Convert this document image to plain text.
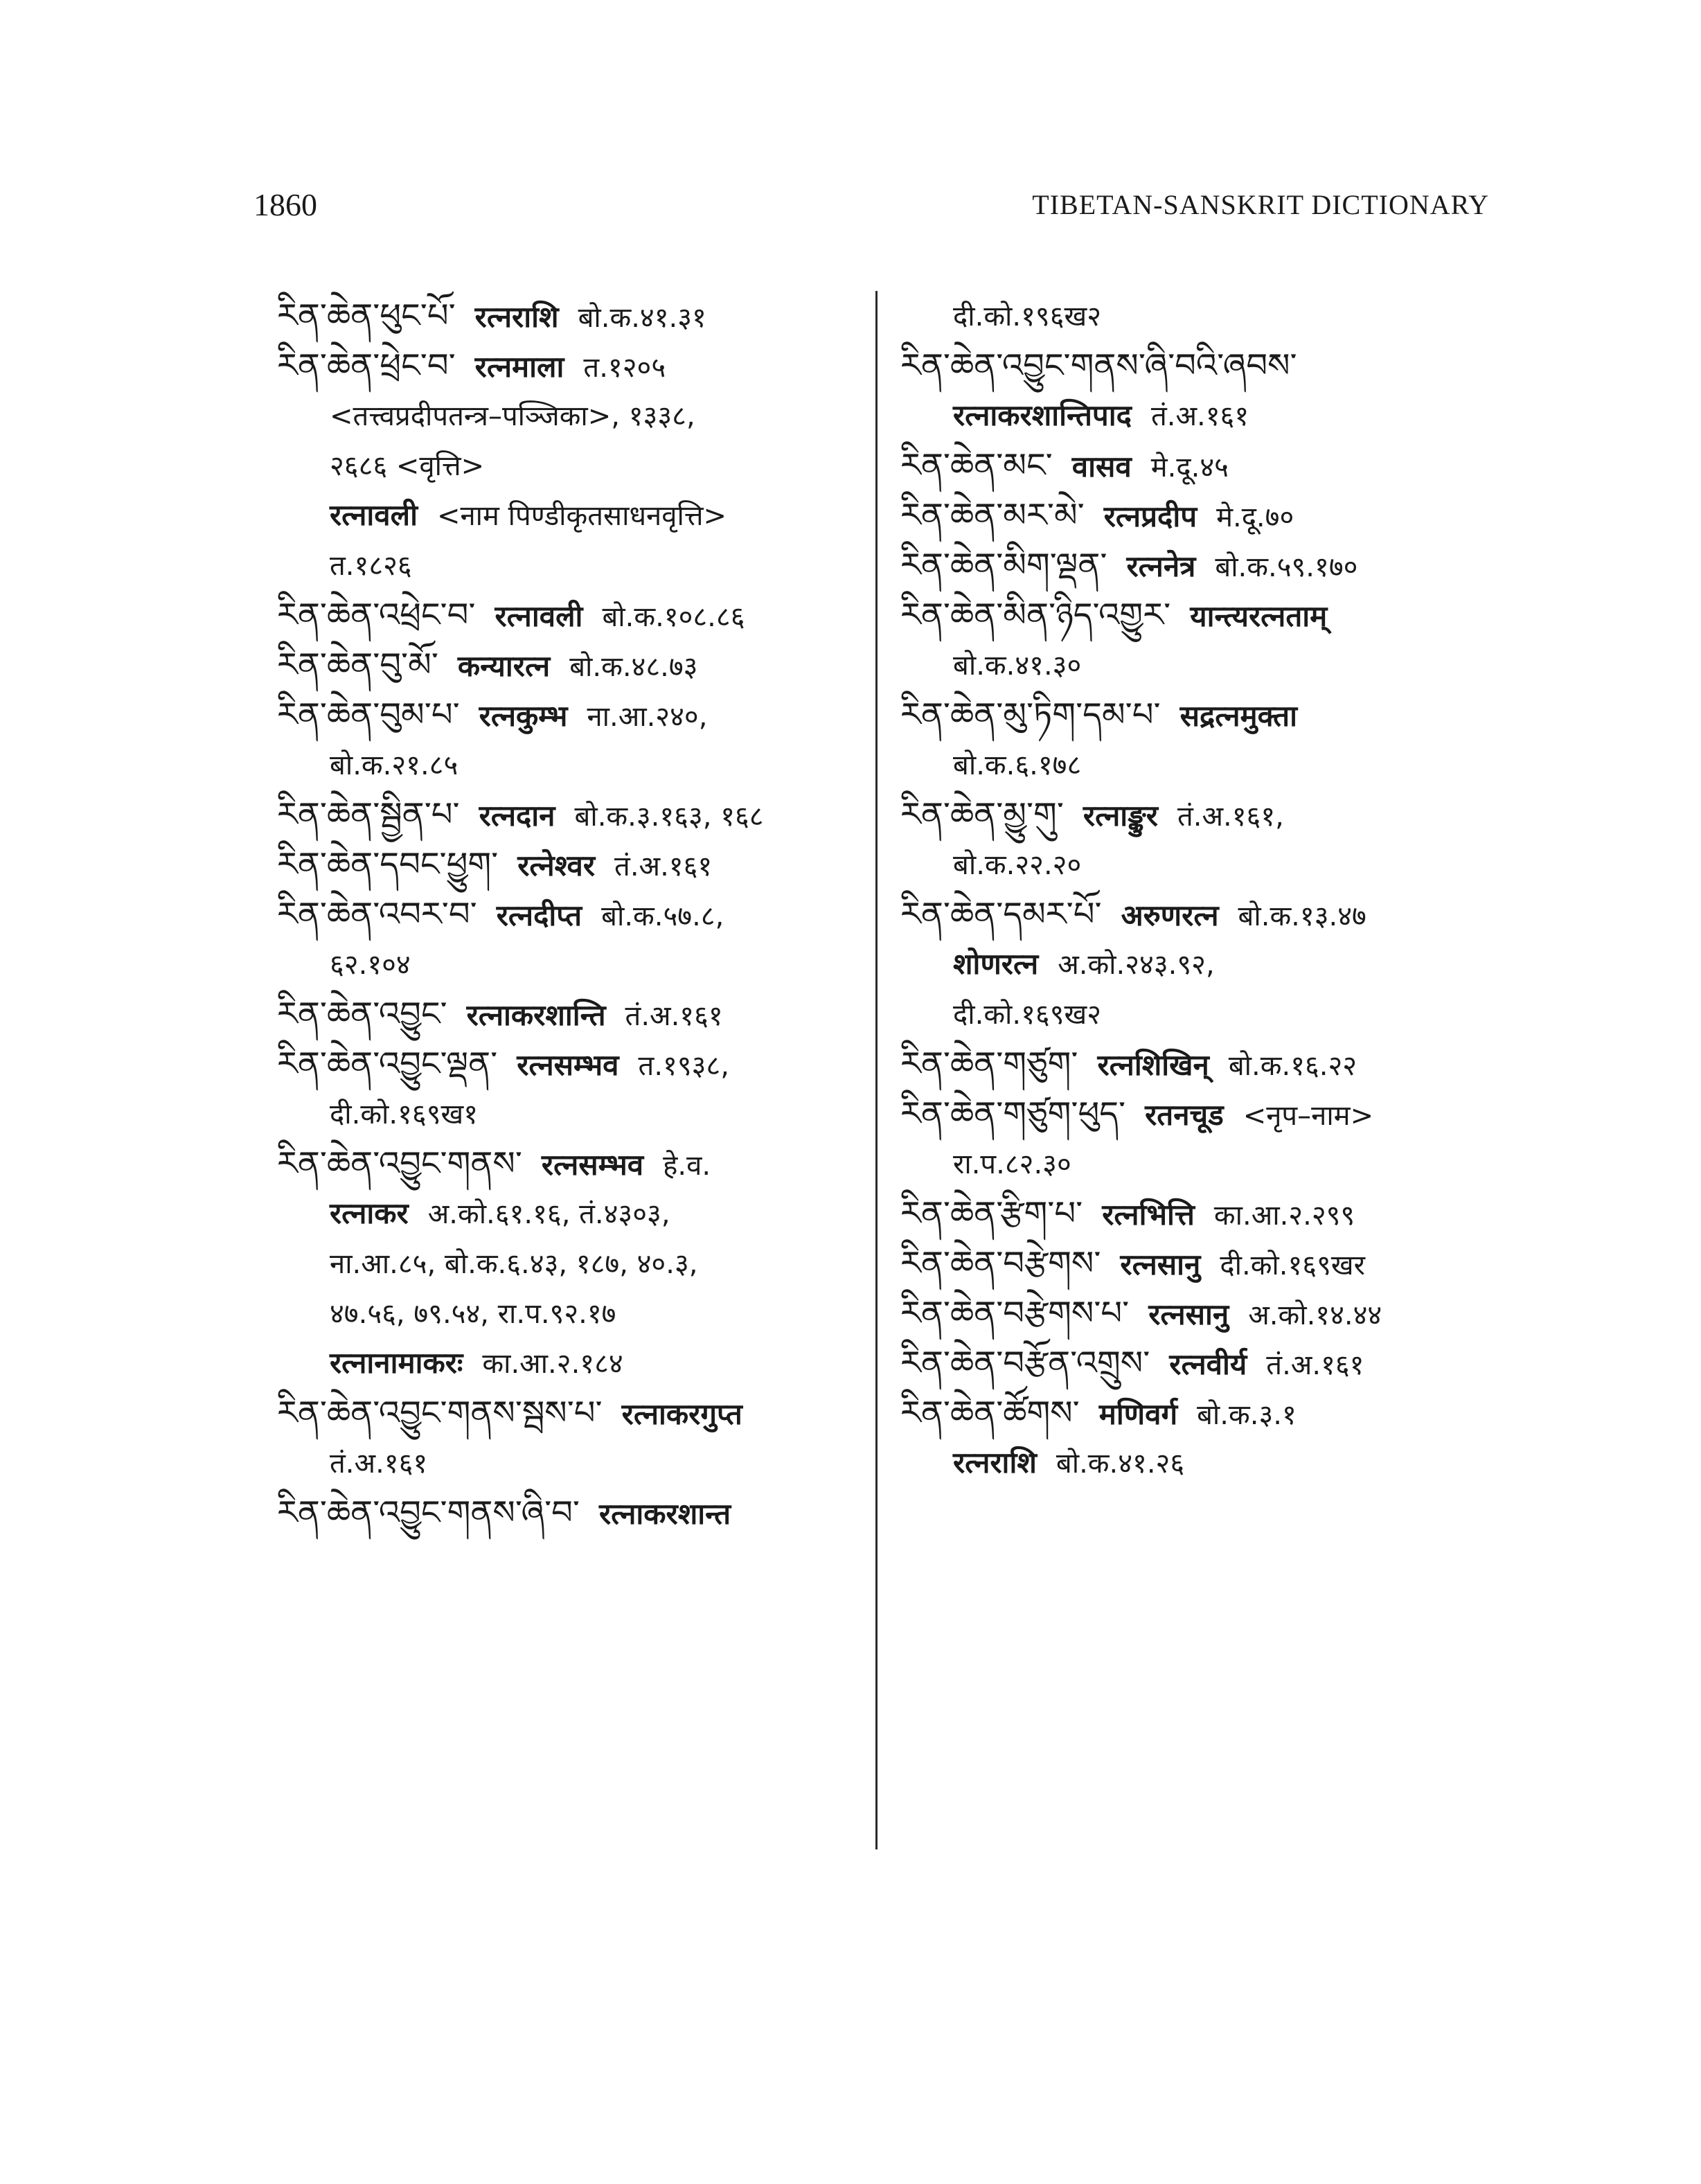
1860	TIBETAN-SANSKRIT DICTIONARY
རིན་ཆེན་ཕུང་པོ་ रत्नराशि बो.क.४१.३१
རིན་ཆེན་ཕྲེང་བ་ रत्नमाला त.१२०५
<तत्त्वप्रदीपतन्त्र–पञ्जिका>, १३३८,
२६८६ <वृत्ति>
रत्नावली <नाम पिण्डीकृतसाधनवृत्ति>
त.१८२६
རིན་ཆེན་འཕྲེང་བ་ रत्नावली बो.क.१०८.८६
རིན་ཆེན་བུ་མོ་ कन्यारत्न बो.क.४८.७३
རིན་ཆེན་བུམ་པ་ रत्नकुम्भ ना.आ.२४०,
बो.क.२१.८५
རིན་ཆེན་སྦྱིན་པ་ रत्नदान बो.क.३.१६३, १६८
རིན་ཆེན་དབང་ཕྱུག་ रत्नेश्वर तं.अ.१६१
རིན་ཆེན་འབར་བ་ रत्नदीप्त बो.क.५७.८,
६२.१०४
རིན་ཆེན་འབྱུང་ रत्नाकरशान्ति तं.अ.१६१
རིན་ཆེན་འབྱུང་ལྡན་ रत्नसम्भव त.१९३८,
दी.को.१६९ख१
རིན་ཆེན་འབྱུང་གནས་ रत्नसम्भव हे.व.
रत्नाकर अ.को.६१.१६, तं.४३०३,
ना.आ.८५, बो.क.६.४३, १८७, ४०.३,
४७.५६, ७९.५४, रा.प.९२.१७
रत्नानामाकरः का.आ.२.१८४
རིན་ཆེན་འབྱུང་གནས་སྦས་པ་ रत्नाकरगुप्त
तं.अ.१६१
རིན་ཆེན་འབྱུང་གནས་ཞི་བ་ रत्नाकरशान्त
दी.को.१९६ख२
རིན་ཆེན་འབྱུང་གནས་ཞི་བའི་ཞབས་
रत्नाकरशान्तिपाद तं.अ.१६१
རིན་ཆེན་མང་ वासव मे.दू.४५
རིན་ཆེན་མར་མེ་ रत्नप्रदीप मे.दू.७०
རིན་ཆེན་མིག་ལྡན་ रत्ननेत्र बो.क.५९.१७०
རིན་ཆེན་མིན་ཉིད་འགྱུར་ यान्त्यरत्नताम्
बो.क.४१.३०
རིན་ཆེན་མུ་ཏིག་དམ་པ་ सद्रत्नमुक्ता
बो.क.६.१७८
རིན་ཆེན་མྱུ་གུ་ रत्नाङ्कुर तं.अ.१६१,
बो.क.२२.२०
རིན་ཆེན་དམར་པོ་ अरुणरत्न बो.क.१३.४७
शोणरत्न अ.को.२४३.९२,
दी.को.१६९ख२
རིན་ཆེན་གཙུག་ रत्नशिखिन् बो.क.१६.२२
རིན་ཆེན་གཙུག་ཕུད་ रतनचूड <नृप–नाम>
रा.प.८२.३०
རིན་ཆེན་རྩིག་པ་ रत्नभित्ति का.आ.२.२९९
རིན་ཆེན་བརྩེགས་ रत्नसानु दी.को.१६९खर
རིན་ཆེན་བརྩེགས་པ་ रत्नसानु अ.को.१४.४४
རིན་ཆེན་བརྩོན་འགྲུས་ रत्नवीर्य तं.अ.१६१
རིན་ཆེན་ཚོགས་ मणिवर्ग बो.क.३.१
रत्नराशि बो.क.४१.२६
